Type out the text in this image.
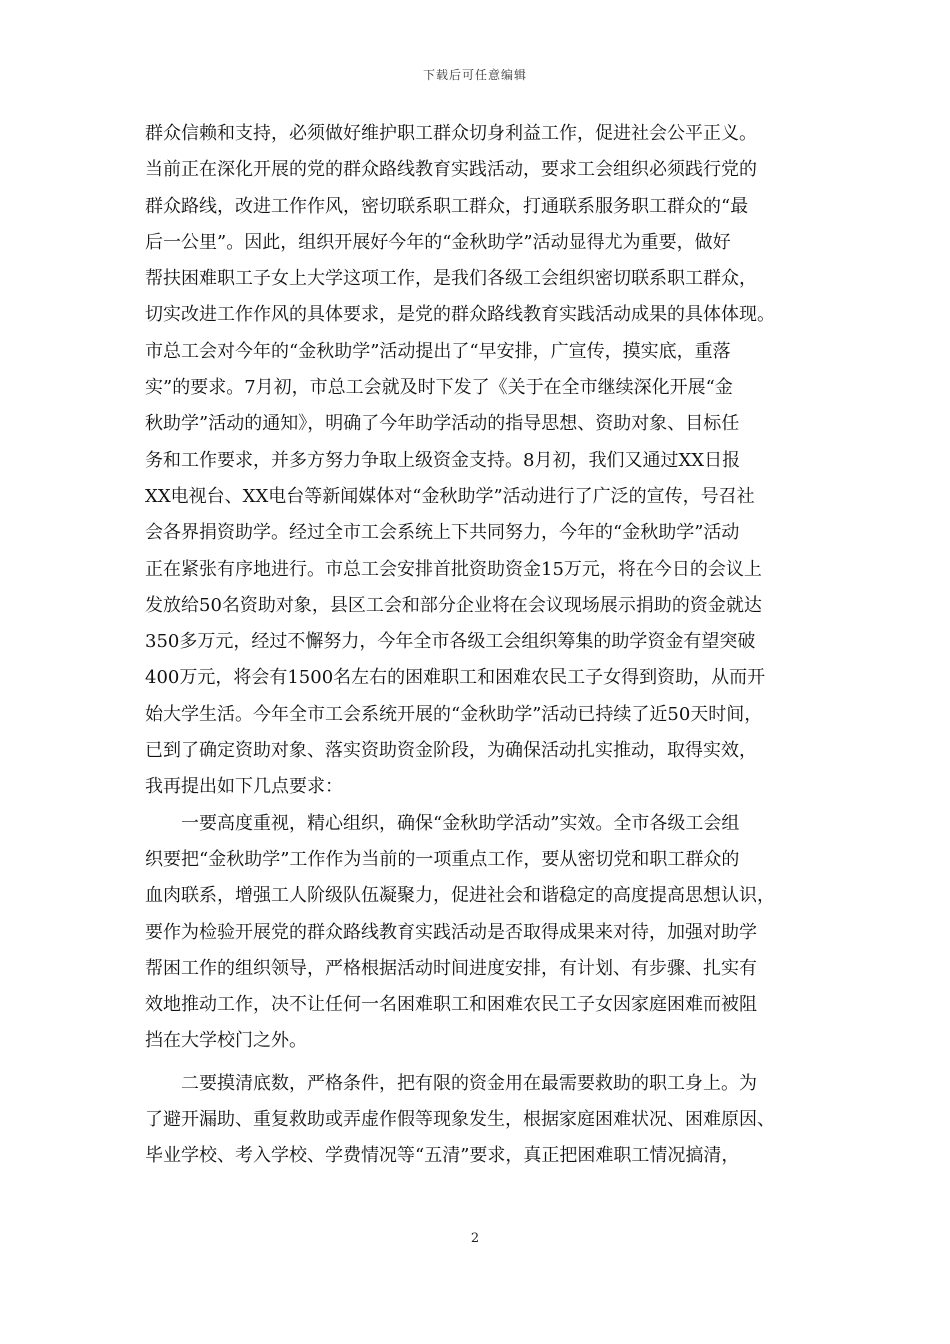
下载后可任意编辑
群众信赖和支持，必须做好维护职工群众切身利益工作，促进社会公平正义。
当前正在深化开展的党的群众路线教育实践活动，要求工会组织必须践行党的
群众路线，改进工作作风，密切联系职工群众，打通联系服务职工群众的“最
后一公里”。因此，组织开展好今年的“金秋助学”活动显得尤为重要，做好
帮扶困难职工子女上大学这项工作，是我们各级工会组织密切联系职工群众，
切实改进工作作风的具体要求，是党的群众路线教育实践活动成果的具体体现。
市总工会对今年的“金秋助学”活动提出了“早安排，广宣传，摸实底，重落
实”的要求。7月初，市总工会就及时下发了《关于在全市继续深化开展“金
秋助学”活动的通知》，明确了今年助学活动的指导思想、资助对象、目标任
务和工作要求，并多方努力争取上级资金支持。8月初，我们又通过XX日报
XX电视台、XX电台等新闻媒体对“金秋助学”活动进行了广泛的宣传，号召社
会各界捐资助学。经过全市工会系统上下共同努力，今年的“金秋助学”活动
正在紧张有序地进行。市总工会安排首批资助资金15万元，将在今日的会议上
发放给50名资助对象，县区工会和部分企业将在会议现场展示捐助的资金就达
350多万元，经过不懈努力，今年全市各级工会组织筹集的助学资金有望突破
400万元，将会有1500名左右的困难职工和困难农民工子女得到资助，从而开
始大学生活。今年全市工会系统开展的“金秋助学”活动已持续了近50天时间，
已到了确定资助对象、落实资助资金阶段，为确保活动扎实推动，取得实效，
我再提出如下几点要求：
一要高度重视，精心组织，确保“金秋助学活动”实效。全市各级工会组
织要把“金秋助学”工作作为当前的一项重点工作，要从密切党和职工群众的
血肉联系，增强工人阶级队伍凝聚力，促进社会和谐稳定的高度提高思想认识，
要作为检验开展党的群众路线教育实践活动是否取得成果来对待，加强对助学
帮困工作的组织领导，严格根据活动时间进度安排，有计划、有步骤、扎实有
效地推动工作，决不让任何一名困难职工和困难农民工子女因家庭困难而被阻
挡在大学校门之外。
二要摸清底数，严格条件，把有限的资金用在最需要救助的职工身上。为
了避开漏助、重复救助或弄虚作假等现象发生，根据家庭困难状况、困难原因、
毕业学校、考入学校、学费情况等“五清”要求，真正把困难职工情况搞清，
2
